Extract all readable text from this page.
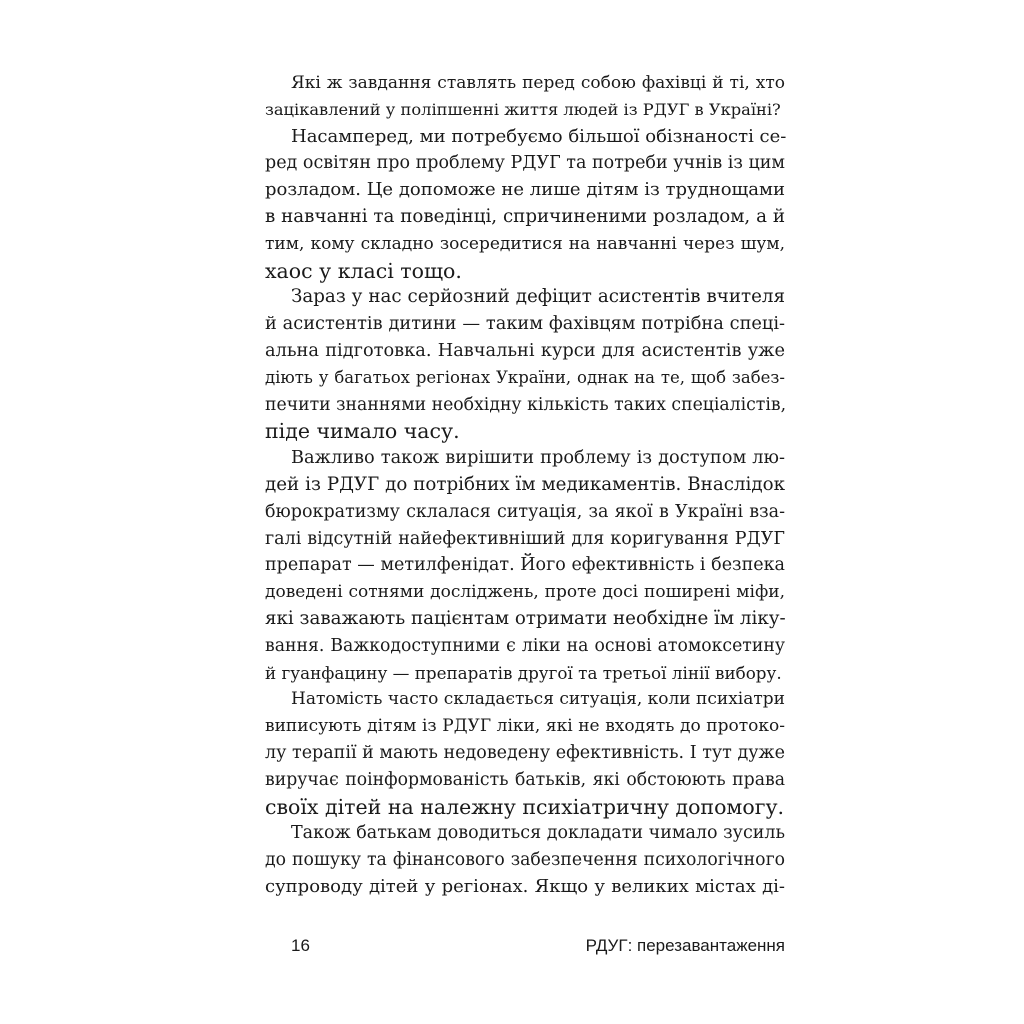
Які ж завдання ставлять перед собою фахівці й ті, хто
зацікавлений у поліпшенні життя людей із РДУГ в Україні?
Насамперед, ми потребуємо більшої обізнаності се-
ред освітян про проблему РДУГ та потреби учнів із цим
розладом. Це допоможе не лише дітям із труднощами
в навчанні та поведінці, спричиненими розладом, а й
тим, кому складно зосередитися на навчанні через шум,
хаос у класі тощо.
Зараз у нас серйозний дефіцит асистентів вчителя
й асистентів дитини — таким фахівцям потрібна спеці-
альна підготовка. Навчальні курси для асистентів уже
діють у багатьох регіонах України, однак на те, щоб забез-
печити знаннями необхідну кількість таких спеціалістів,
піде чимало часу.
Важливо також вирішити проблему із доступом лю-
дей із РДУГ до потрібних їм медикаментів. Внаслідок
бюрократизму склалася ситуація, за якої в Україні вза-
галі відсутній найефективніший для коригування РДУГ
препарат — метилфенідат. Його ефективність і безпека
доведені сотнями досліджень, проте досі поширені міфи,
які заважають пацієнтам отримати необхідне їм ліку-
вання. Важкодоступними є ліки на основі атомоксетину
й гуанфацину — препаратів другої та третьої лінії вибору.
Натомість часто складається ситуація, коли психіатри
виписують дітям із РДУГ ліки, які не входять до протоко-
лу терапії й мають недоведену ефективність. І тут дуже
виручає поінформованість батьків, які обстоюють права
своїх дітей на належну психіатричну допомогу.
Також батькам доводиться докладати чимало зусиль
до пошуку та фінансового забезпечення психологічного
супроводу дітей у регіонах. Якщо у великих містах ді-
16	РДУГ: перезавантаження
